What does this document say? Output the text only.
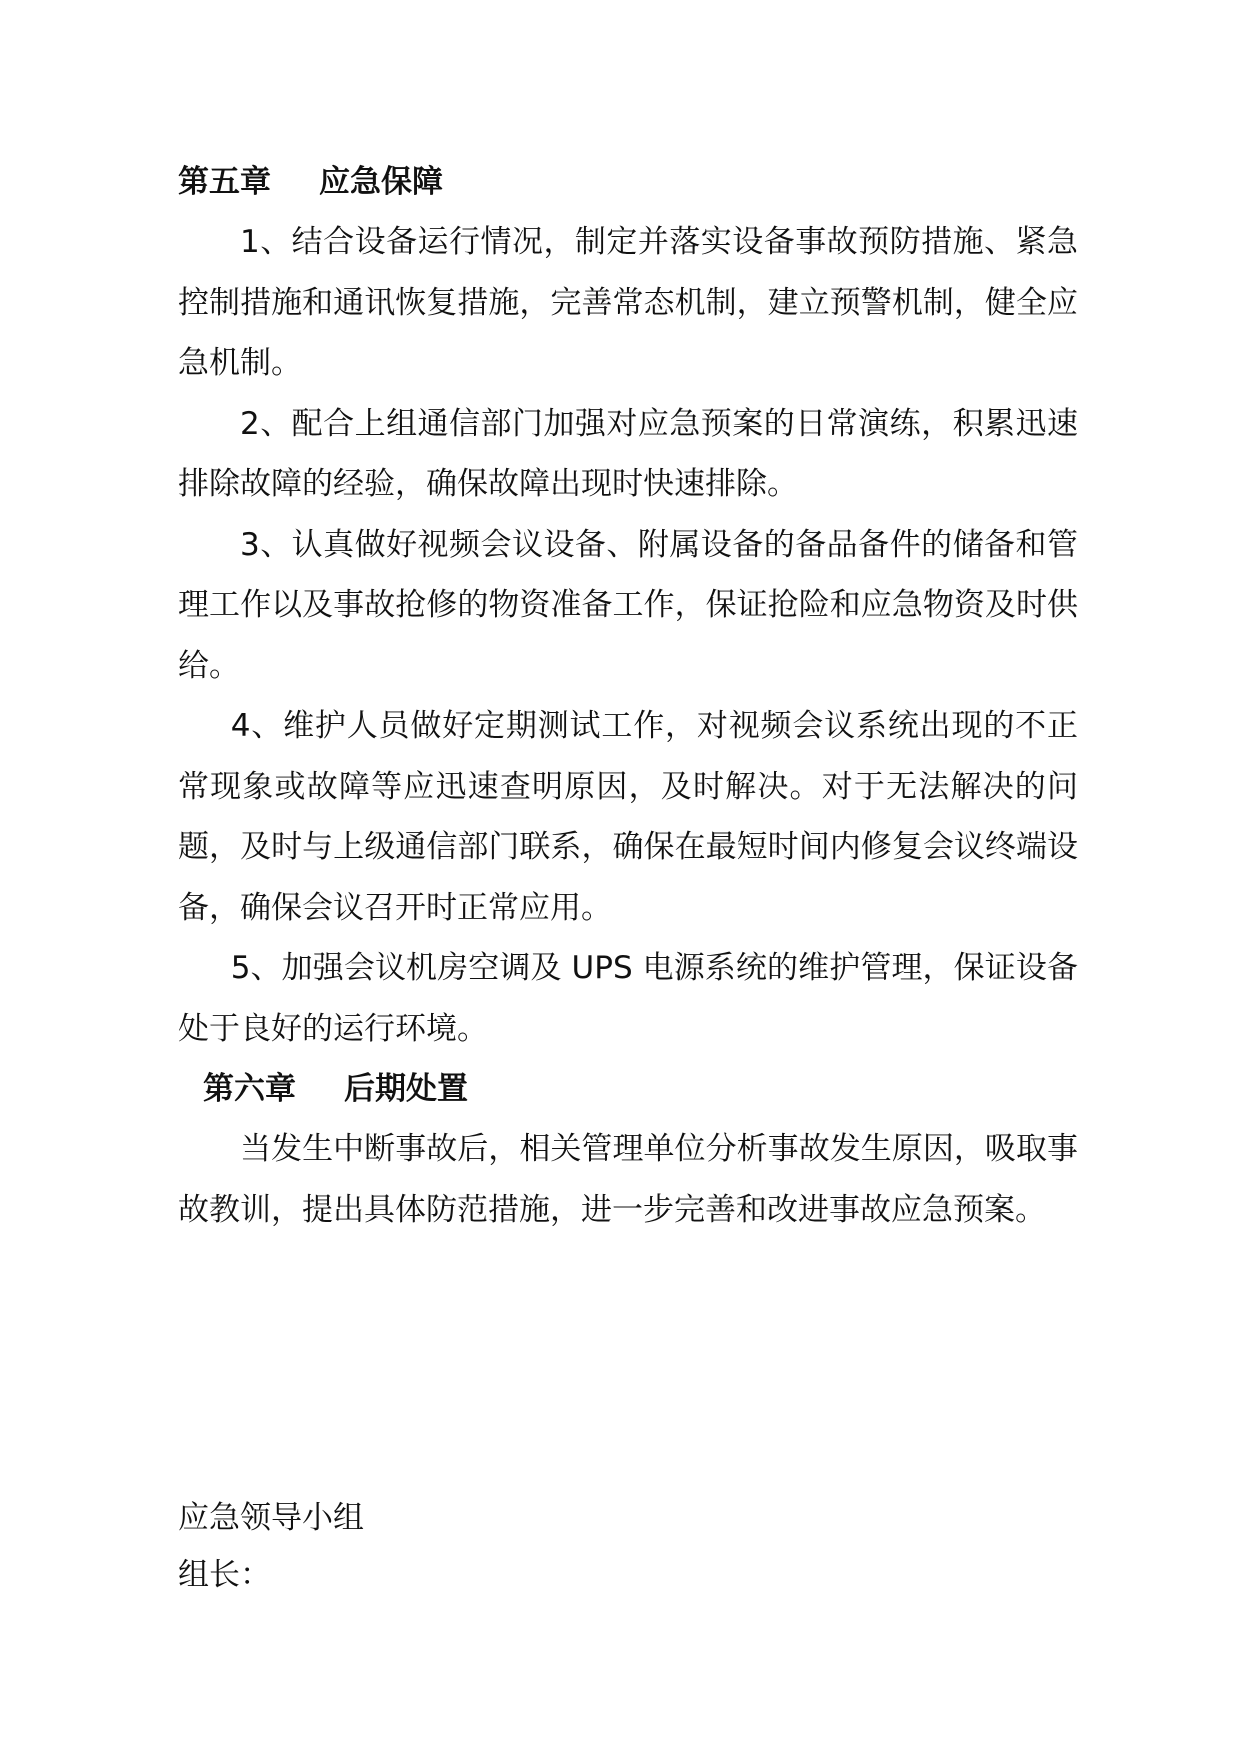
第五章 应急保障

1、结合设备运行情况，制定并落实设备事故预防措施、紧急控制措施和通讯恢复措施，完善常态机制，建立预警机制，健全应急机制。

2、配合上组通信部门加强对应急预案的日常演练，积累迅速排除故障的经验，确保故障出现时快速排除。

3、认真做好视频会议设备、附属设备的备品备件的储备和管理工作以及事故抢修的物资准备工作，保证抢险和应急物资及时供给。

4、维护人员做好定期测试工作，对视频会议系统出现的不正常现象或故障等应迅速查明原因，及时解决。对于无法解决的问题，及时与上级通信部门联系，确保在最短时间内修复会议终端设备，确保会议召开时正常应用。

5、加强会议机房空调及 UPS 电源系统的维护管理，保证设备处于良好的运行环境。

第六章 后期处置

当发生中断事故后，相关管理单位分析事故发生原因，吸取事故教训，提出具体防范措施，进一步完善和改进事故应急预案。

应急领导小组
组长：
